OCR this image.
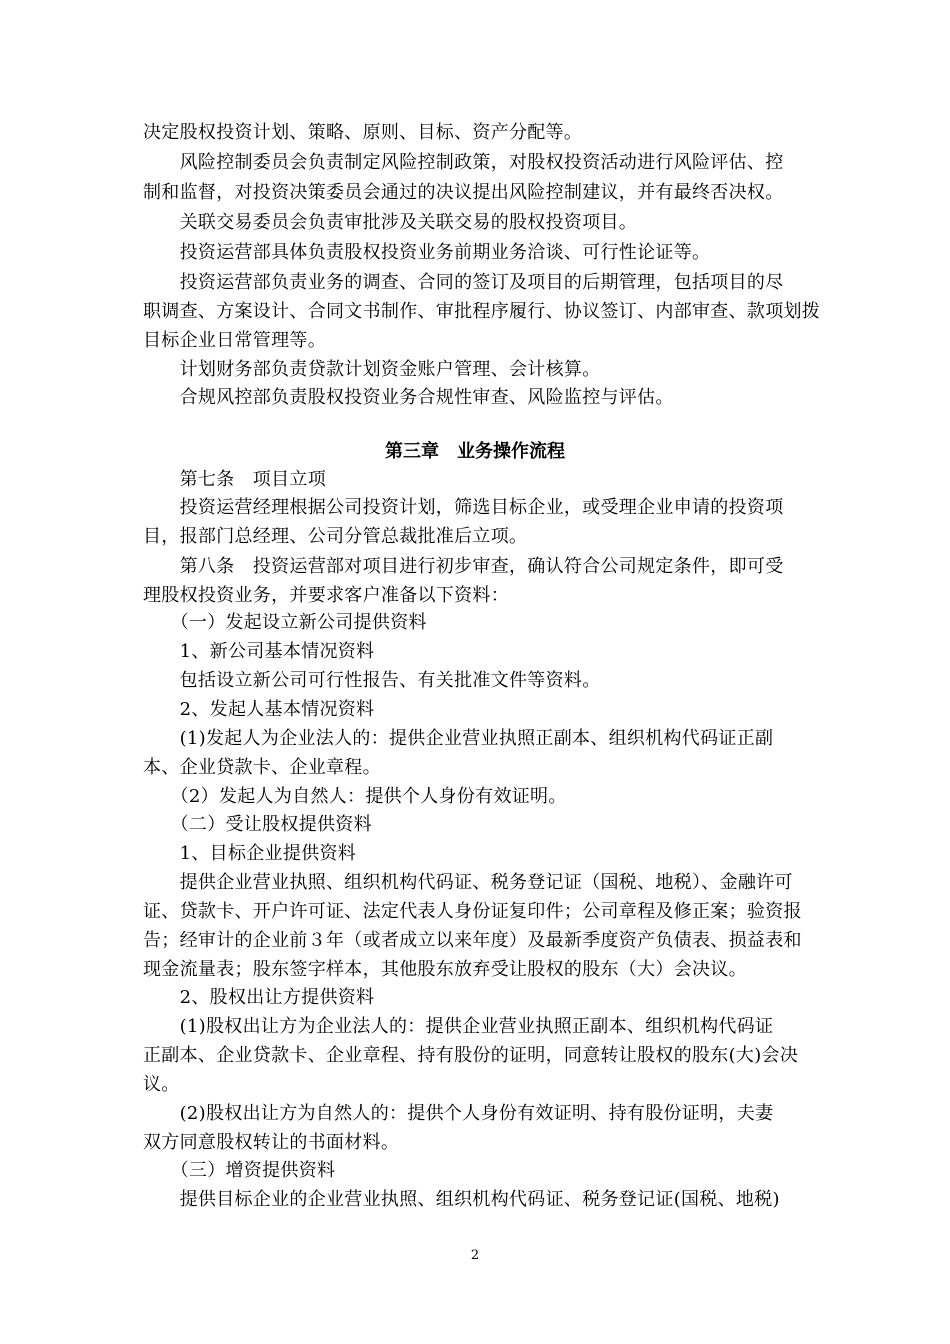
决定股权投资计划、策略、原则、目标、资产分配等。
　　风险控制委员会负责制定风险控制政策，对股权投资活动进行风险评估、控
制和监督，对投资决策委员会通过的决议提出风险控制建议，并有最终否决权。
　　关联交易委员会负责审批涉及关联交易的股权投资项目。
　　投资运营部具体负责股权投资业务前期业务洽谈、可行性论证等。
　　投资运营部负责业务的调查、合同的签订及项目的后期管理，包括项目的尽
职调查、方案设计、合同文书制作、审批程序履行、协议签订、内部审查、款项划拨
目标企业日常管理等。
　　计划财务部负责贷款计划资金账户管理、会计核算。
　　合规风控部负责股权投资业务合规性审查、风险监控与评估。
第三章　业务操作流程
　　第七条　项目立项
　　投资运营经理根据公司投资计划，筛选目标企业，或受理企业申请的投资项
目，报部门总经理、公司分管总裁批准后立项。
　　第八条　投资运营部对项目进行初步审查，确认符合公司规定条件，即可受
理股权投资业务，并要求客户准备以下资料：
　　（一）发起设立新公司提供资料
　　1、新公司基本情况资料
　　包括设立新公司可行性报告、有关批准文件等资料。
　　2、发起人基本情况资料
　　(1)发起人为企业法人的：提供企业营业执照正副本、组织机构代码证正副
本、企业贷款卡、企业章程。
　　（2）发起人为自然人：提供个人身份有效证明。
　　（二）受让股权提供资料
　　1、目标企业提供资料
　　提供企业营业执照、组织机构代码证、税务登记证（国税、地税）、金融许可
证、贷款卡、开户许可证、法定代表人身份证复印件；公司章程及修正案；验资报
告；经审计的企业前３年（或者成立以来年度）及最新季度资产负债表、损益表和
现金流量表；股东签字样本，其他股东放弃受让股权的股东（大）会决议。
　　2、股权出让方提供资料
　　(1)股权出让方为企业法人的：提供企业营业执照正副本、组织机构代码证
正副本、企业贷款卡、企业章程、持有股份的证明，同意转让股权的股东(大)会决
议。
　　(2)股权出让方为自然人的：提供个人身份有效证明、持有股份证明，夫妻
双方同意股权转让的书面材料。
　　（三）增资提供资料
　　提供目标企业的企业营业执照、组织机构代码证、税务登记证(国税、地税)
2
